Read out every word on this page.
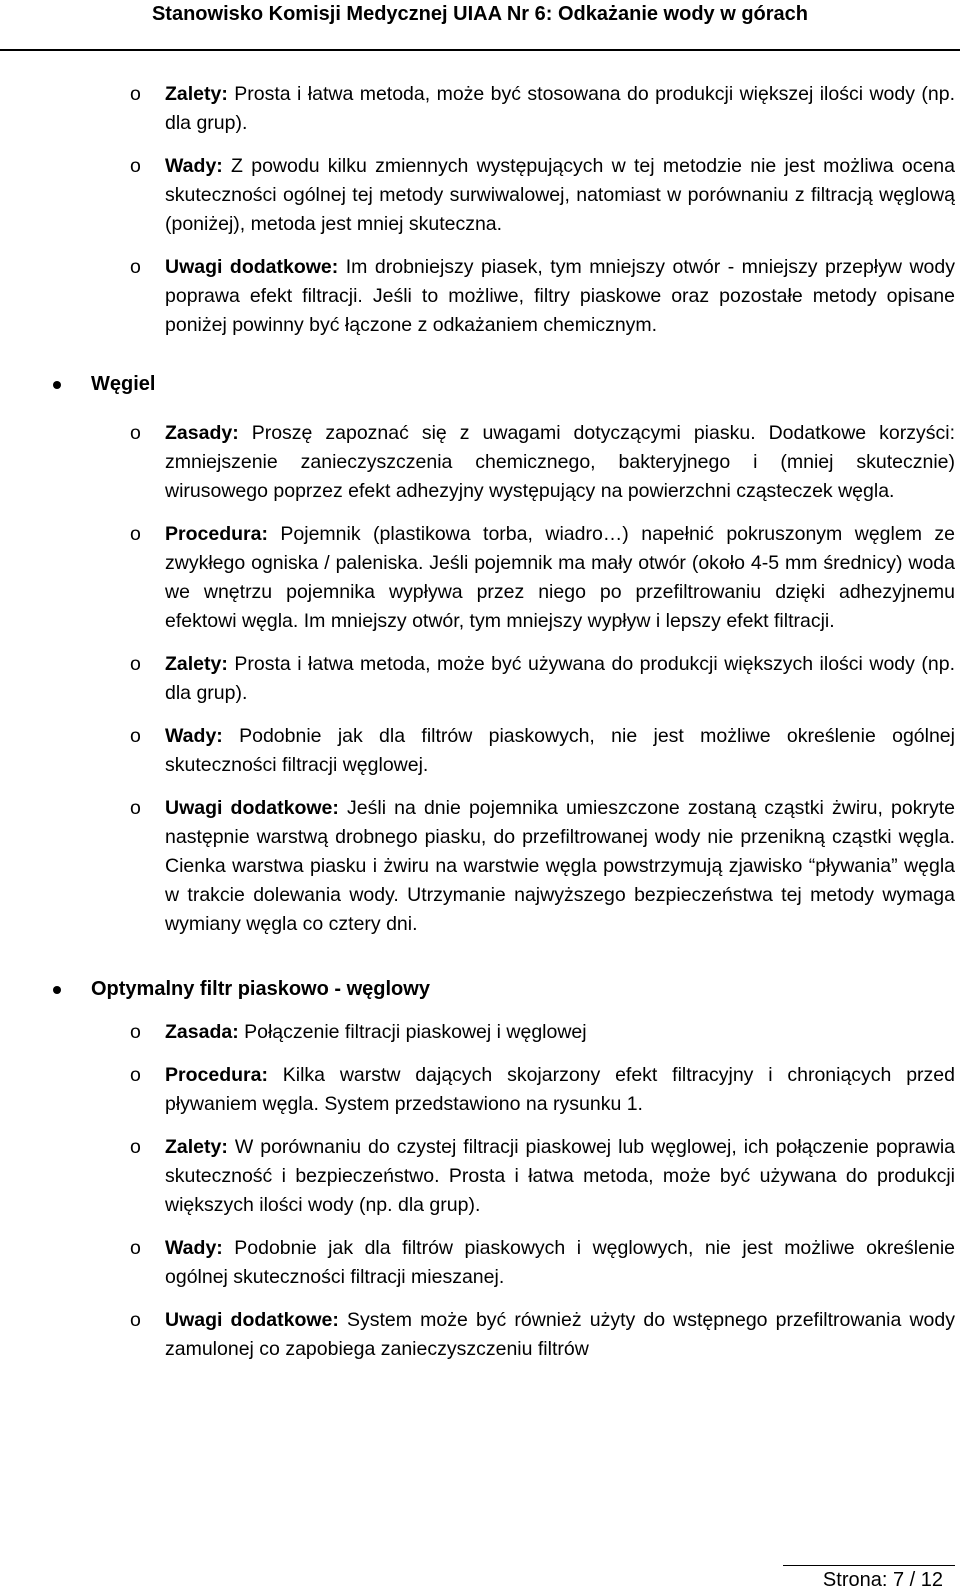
Stanowisko Komisji Medycznej UIAA Nr 6: Odkażanie wody w górach
o Zalety: Prosta i łatwa metoda, może być stosowana do produkcji większej ilości wody (np. dla grup).
o Wady: Z powodu kilku zmiennych występujących w tej metodzie nie jest możliwa ocena skuteczności ogólnej tej metody surwiwalowej, natomiast w porównaniu z filtracją węglową (poniżej), metoda jest mniej skuteczna.
o Uwagi dodatkowe: Im drobniejszy piasek, tym mniejszy otwór - mniejszy przepływ wody poprawa efekt filtracji. Jeśli to możliwe, filtry piaskowe oraz pozostałe metody opisane poniżej powinny być łączone z odkażaniem chemicznym.
Węgiel
o Zasady: Proszę zapoznać się z uwagami dotyczącymi piasku. Dodatkowe korzyści: zmniejszenie zanieczyszczenia chemicznego, bakteryjnego i (mniej skutecznie) wirusowego poprzez efekt adhezyjny występujący na powierzchni cząsteczek węgla.
o Procedura: Pojemnik (plastikowa torba, wiadro…) napełnić pokruszonym węglem ze zwykłego ogniska / paleniska. Jeśli pojemnik ma mały otwór (około 4-5 mm średnicy) woda we wnętrzu pojemnika wypływa przez niego po przefiltrowaniu dzięki adhezyjnemu efektowi węgla. Im mniejszy otwór, tym mniejszy wypływ i lepszy efekt filtracji.
o Zalety: Prosta i łatwa metoda, może być używana do produkcji większych ilości wody (np. dla grup).
o Wady: Podobnie jak dla filtrów piaskowych, nie jest możliwe określenie ogólnej skuteczności filtracji węglowej.
o Uwagi dodatkowe: Jeśli na dnie pojemnika umieszczone zostaną cząstki żwiru, pokryte następnie warstwą drobnego piasku, do przefiltrowanej wody nie przenikną cząstki węgla. Cienka warstwa piasku i żwiru na warstwie węgla powstrzymują zjawisko “pływania” węgla w trakcie dolewania wody. Utrzymanie najwyższego bezpieczeństwa tej metody wymaga wymiany węgla co cztery dni.
Optymalny filtr piaskowo - węglowy
o Zasada: Połączenie filtracji piaskowej i węglowej
o Procedura: Kilka warstw dających skojarzony efekt filtracyjny i chroniących przed pływaniem węgla. System przedstawiono na rysunku 1.
o Zalety: W porównaniu do czystej filtracji piaskowej lub węglowej, ich połączenie poprawia skuteczność i bezpieczeństwo. Prosta i łatwa metoda, może być używana do produkcji większych ilości wody (np. dla grup).
o Wady: Podobnie jak dla filtrów piaskowych i węglowych, nie jest możliwe określenie ogólnej skuteczności filtracji mieszanej.
o Uwagi dodatkowe: System może być również użyty do wstępnego przefiltrowania wody zamulonej co zapobiega zanieczyszczeniu filtrów
Strona: 7 / 12
